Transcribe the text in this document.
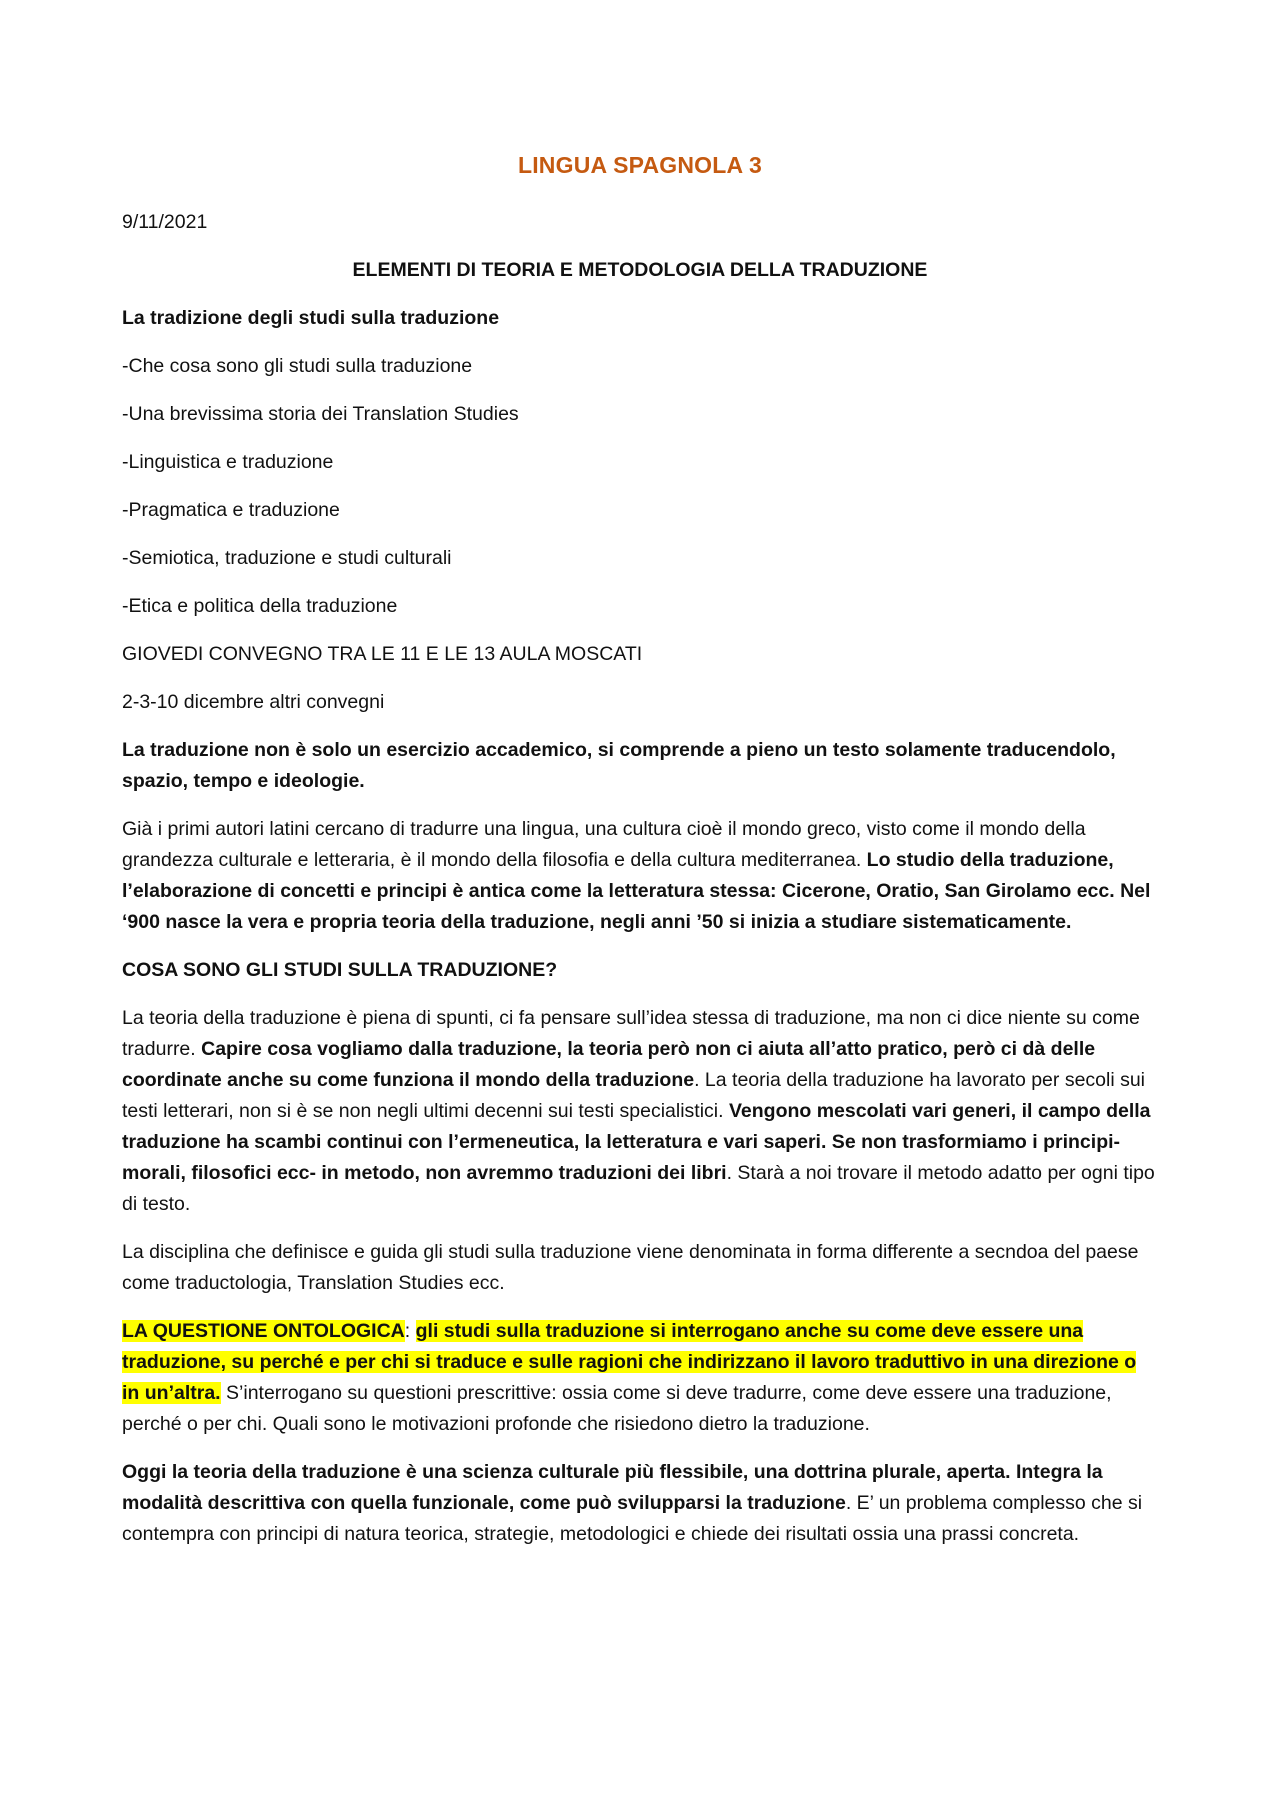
LINGUA SPAGNOLA 3

9/11/2021

ELEMENTI DI TEORIA E METODOLOGIA DELLA TRADUZIONE

La tradizione degli studi sulla traduzione

-Che cosa sono gli studi sulla traduzione

-Una brevissima storia dei Translation Studies

-Linguistica e traduzione

-Pragmatica e traduzione

-Semiotica, traduzione e studi culturali

-Etica e politica della traduzione

GIOVEDI CONVEGNO TRA LE 11 E LE 13 AULA MOSCATI

2-3-10 dicembre altri convegni

La traduzione non è solo un esercizio accademico, si comprende a pieno un testo solamente traducendolo, spazio, tempo e ideologie.

Già i primi autori latini cercano di tradurre una lingua, una cultura cioè il mondo greco, visto come il mondo della grandezza culturale e letteraria, è il mondo della filosofia e della cultura mediterranea. Lo studio della traduzione, l’elaborazione di concetti e principi è antica come la letteratura stessa: Cicerone, Oratio, San Girolamo ecc. Nel ‘900 nasce la vera e propria teoria della traduzione, negli anni ’50 si inizia a studiare sistematicamente.

COSA SONO GLI STUDI SULLA TRADUZIONE?

La teoria della traduzione è piena di spunti, ci fa pensare sull’idea stessa di traduzione, ma non ci dice niente su come tradurre. Capire cosa vogliamo dalla traduzione, la teoria però non ci aiuta all’atto pratico, però ci dà delle coordinate anche su come funziona il mondo della traduzione. La teoria della traduzione ha lavorato per secoli sui testi letterari, non si è se non negli ultimi decenni sui testi specialistici. Vengono mescolati vari generi, il campo della traduzione ha scambi continui con l’ermeneutica, la letteratura e vari saperi. Se non trasformiamo i principi-morali, filosofici ecc- in metodo, non avremmo traduzioni dei libri. Starà a noi trovare il metodo adatto per ogni tipo di testo.

La disciplina che definisce e guida gli studi sulla traduzione viene denominata in forma differente a secndoa del paese come traductologia, Translation Studies ecc.

LA QUESTIONE ONTOLOGICA: gli studi sulla traduzione si interrogano anche su come deve essere una traduzione, su perché e per chi si traduce e sulle ragioni che indirizzano il lavoro traduttivo in una direzione o in un’altra. S’interrogano su questioni prescrittive: ossia come si deve tradurre, come deve essere una traduzione, perché o per chi. Quali sono le motivazioni profonde che risiedono dietro la traduzione.

Oggi la teoria della traduzione è una scienza culturale più flessibile, una dottrina plurale, aperta. Integra la modalità descrittiva con quella funzionale, come può svilupparsi la traduzione. E’ un problema complesso che si contempra con principi di natura teorica, strategie, metodologici e chiede dei risultati ossia una prassi concreta.
